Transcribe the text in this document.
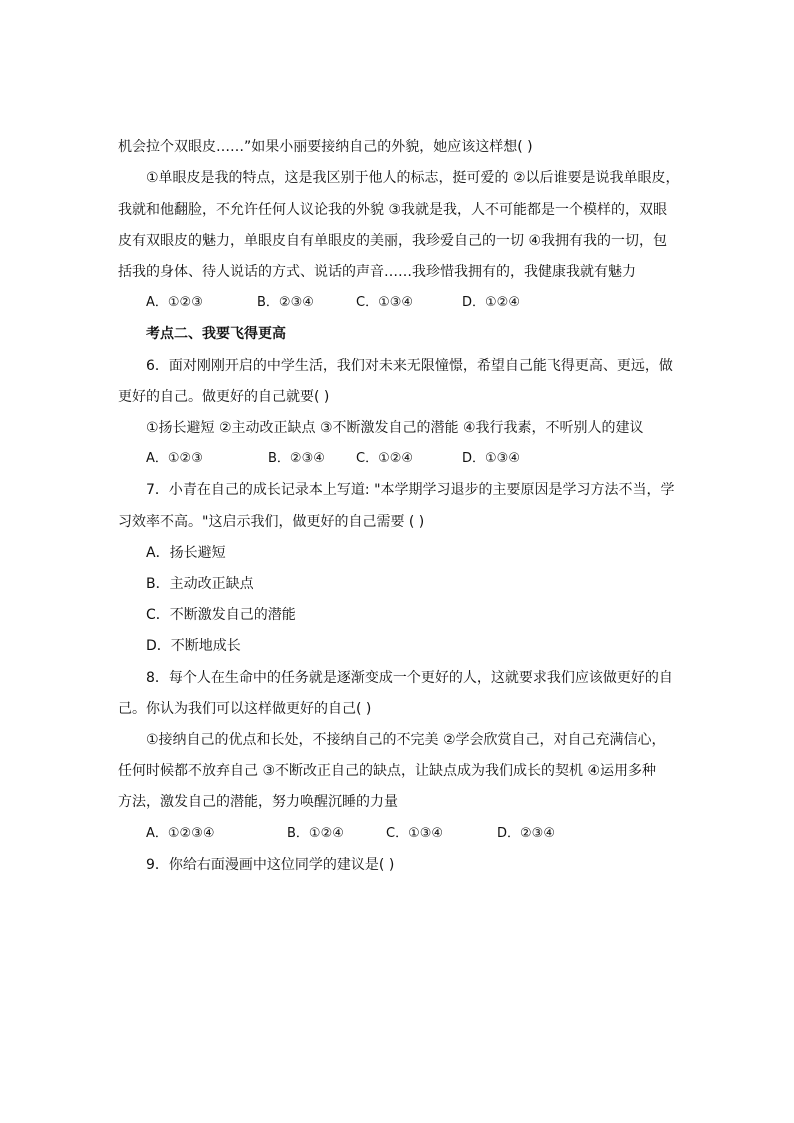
机会拉个双眼皮……”如果小丽要接纳自己的外貌，她应该这样想( )
①单眼皮是我的特点，这是我区别于他人的标志，挺可爱的 ②以后谁要是说我单眼皮，
我就和他翻脸，不允许任何人议论我的外貌 ③我就是我，人不可能都是一个模样的，双眼
皮有双眼皮的魅力，单眼皮自有单眼皮的美丽，我珍爱自己的一切 ④我拥有我的一切，包
括我的身体、待人说话的方式、说话的声音……我珍惜我拥有的，我健康我就有魅力
A．①②③	B．②③④	C．①③④	D．①②④
考点二、我要飞得更高
6．面对刚刚开启的中学生活，我们对未来无限憧憬，希望自己能飞得更高、更远，做
更好的自己。做更好的自己就要( )
①扬长避短 ②主动改正缺点 ③不断激发自己的潜能 ④我行我素，不听别人的建议
A．①②③	B．②③④ C．①②④	D．①③④
7．小青在自己的成长记录本上写道: "本学期学习退步的主要原因是学习方法不当，学
习效率不高。"这启示我们，做更好的自己需要 ( )
A．扬长避短
B．主动改正缺点
C．不断激发自己的潜能
D．不断地成长
8．每个人在生命中的任务就是逐渐变成一个更好的人，这就要求我们应该做更好的自
己。你认为我们可以这样做更好的自己( )
①接纳自己的优点和长处，不接纳自己的不完美 ②学会欣赏自己，对自己充满信心，
任何时候都不放弃自己 ③不断改正自己的缺点，让缺点成为我们成长的契机 ④运用多种
方法，激发自己的潜能，努力唤醒沉睡的力量
A．①②③④	B．①②④	C．①③④	D．②③④
9．你给右面漫画中这位同学的建议是( )
